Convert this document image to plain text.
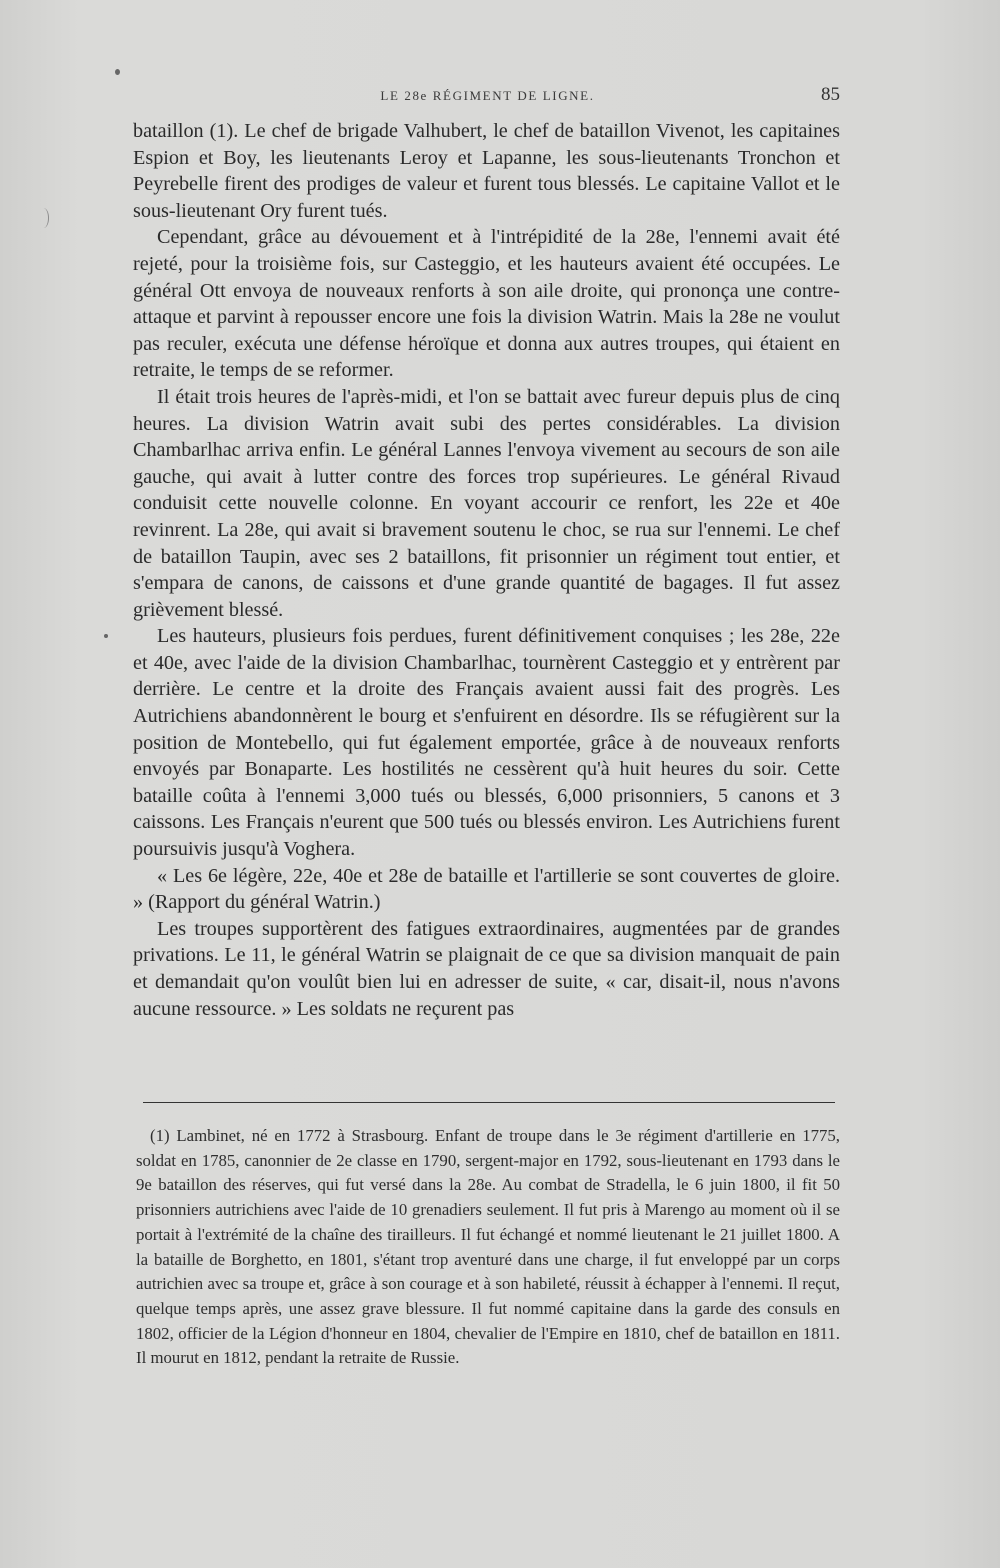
LE 28e RÉGIMENT DE LIGNE.	85

bataillon (1). Le chef de brigade Valhubert, le chef de bataillon Vivenot, les capitaines Espion et Boy, les lieutenants Leroy et Lapanne, les sous-lieutenants Tronchon et Peyrebelle firent des prodiges de valeur et furent tous blessés. Le capitaine Vallot et le sous-lieutenant Ory furent tués.

Cependant, grâce au dévouement et à l'intrépidité de la 28e, l'ennemi avait été rejeté, pour la troisième fois, sur Casteggio, et les hauteurs avaient été occupées. Le général Ott envoya de nouveaux renforts à son aile droite, qui prononça une contre-attaque et parvint à repousser encore une fois la division Watrin. Mais la 28e ne voulut pas reculer, exécuta une défense héroïque et donna aux autres troupes, qui étaient en retraite, le temps de se reformer.

Il était trois heures de l'après-midi, et l'on se battait avec fureur depuis plus de cinq heures. La division Watrin avait subi des pertes considérables. La division Chambarlhac arriva enfin. Le général Lannes l'envoya vivement au secours de son aile gauche, qui avait à lutter contre des forces trop supérieures. Le général Rivaud conduisit cette nouvelle colonne. En voyant accourir ce renfort, les 22e et 40e revinrent. La 28e, qui avait si bravement soutenu le choc, se rua sur l'ennemi. Le chef de bataillon Taupin, avec ses 2 bataillons, fit prisonnier un régiment tout entier, et s'empara de canons, de caissons et d'une grande quantité de bagages. Il fut assez grièvement blessé.

Les hauteurs, plusieurs fois perdues, furent définitivement conquises ; les 28e, 22e et 40e, avec l'aide de la division Chambarlhac, tournèrent Casteggio et y entrèrent par derrière. Le centre et la droite des Français avaient aussi fait des progrès. Les Autrichiens abandonnèrent le bourg et s'enfuirent en désordre. Ils se réfugièrent sur la position de Montebello, qui fut également emportée, grâce à de nouveaux renforts envoyés par Bonaparte. Les hostilités ne cessèrent qu'à huit heures du soir. Cette bataille coûta à l'ennemi 3,000 tués ou blessés, 6,000 prisonniers, 5 canons et 3 caissons. Les Français n'eurent que 500 tués ou blessés environ. Les Autrichiens furent poursuivis jusqu'à Voghera.

« Les 6e légère, 22e, 40e et 28e de bataille et l'artillerie se sont couvertes de gloire. » (Rapport du général Watrin.)

Les troupes supportèrent des fatigues extraordinaires, augmentées par de grandes privations. Le 11, le général Watrin se plaignait de ce que sa division manquait de pain et demandait qu'on voulût bien lui en adresser de suite, « car, disait-il, nous n'avons aucune ressource. » Les soldats ne reçurent pas

(1) Lambinet, né en 1772 à Strasbourg. Enfant de troupe dans le 3e régiment d'artillerie en 1775, soldat en 1785, canonnier de 2e classe en 1790, sergent-major en 1792, sous-lieutenant en 1793 dans le 9e bataillon des réserves, qui fut versé dans la 28e. Au combat de Stradella, le 6 juin 1800, il fit 50 prisonniers autrichiens avec l'aide de 10 grenadiers seulement. Il fut pris à Marengo au moment où il se portait à l'extrémité de la chaîne des tirailleurs. Il fut échangé et nommé lieutenant le 21 juillet 1800. A la bataille de Borghetto, en 1801, s'étant trop aventuré dans une charge, il fut enveloppé par un corps autrichien avec sa troupe et, grâce à son courage et à son habileté, réussit à échapper à l'ennemi. Il reçut, quelque temps après, une assez grave blessure. Il fut nommé capitaine dans la garde des consuls en 1802, officier de la Légion d'honneur en 1804, chevalier de l'Empire en 1810, chef de bataillon en 1811. Il mourut en 1812, pendant la retraite de Russie.
